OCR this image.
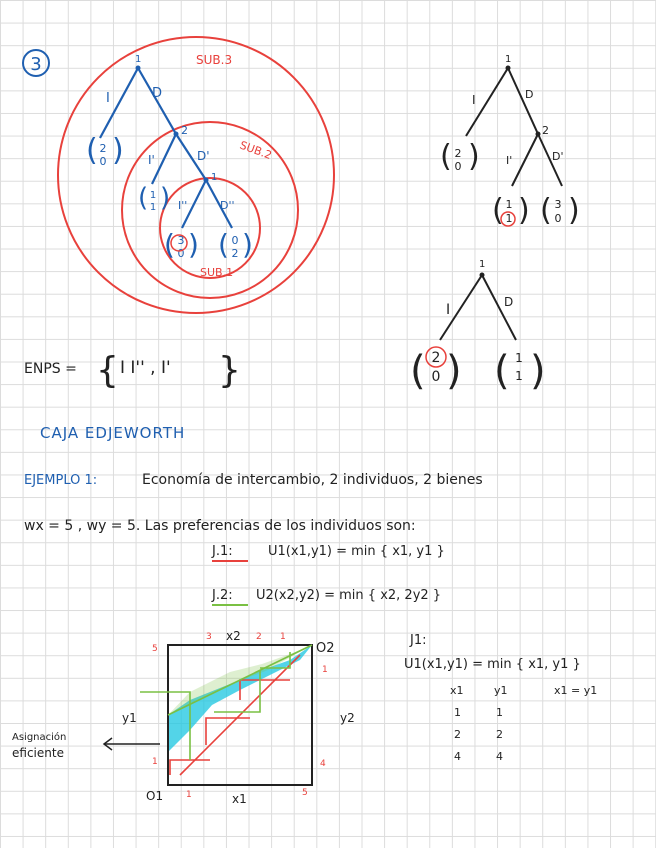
3	SUB.3
SUB.2
SUB.1
1
2
1
I	D
I'	D'
I''	D''
( )
2
0
( )
1
1
( )
3
0 ( )
0
2
1
2
I	D
I'	D'
( )
2
0
( )
1
1 ( )
3
0
1
I	D
( )
2
0 ( )
1
1
ENPS = { I I'' , I' }
CAJA EDJEWORTH
EJEMPLO 1:	Economía de intercambio, 2 individuos, 2 bienes
wx = 5 , wy = 5. Las preferencias de los individuos son:
J.1:	U1(x1,y1) = min { x1, y1 }
J.2: U2(x2,y2) = min { x2, 2y2 }
O1
O2
x1
x2
y1	y2
5
3	2 1
1
4
1	5
1
Asignación
eficiente
J1:
U1(x1,y1) = min { x1, y1 }
x1	y1	x1 = y1
1	1
2	2
4	4
